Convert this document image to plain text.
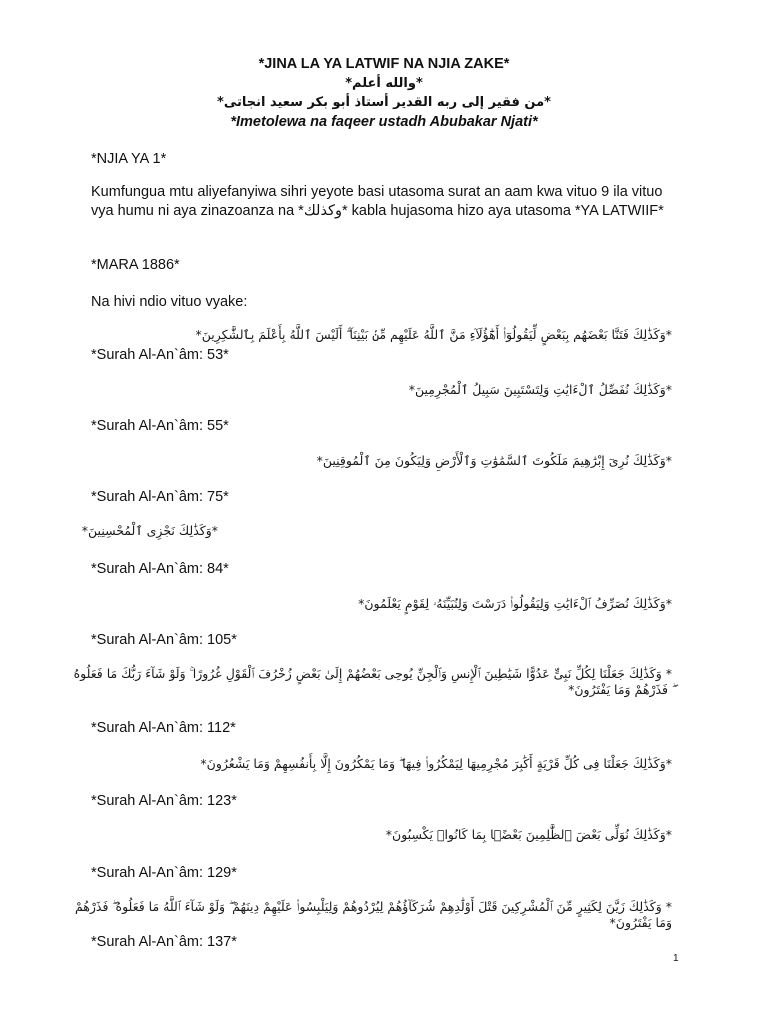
*JINA LA YA LATWIF NA NJIA ZAKE*
*والله أعلم*
*من فقير إلى ربه القدير أستاذ أبو بكر سعيد انجاتى*
*Imetolewa na faqeer ustadh Abubakar Njati*
*NJIA YA 1*
Kumfungua mtu aliyefanyiwa sihri yeyote basi utasoma surat an aam kwa vituo 9 ila vituo vya humu ni aya zinazoanza na *وكذلك* kabla hujasoma hizo aya utasoma *YA LATWIIF*
*MARA 1886*
Na hivi ndio vituo vyake:
*وَكَذَٰلِكَ فَتَنَّا بَعْضَهُم بِبَعْضٍ لِّيَقُولُوٓا۟ أَهَٰٓؤُلَآءِ مَنَّ ٱللَّهُ عَلَيْهِم مِّنۢ بَيْنِنَآ ۗ أَلَيْسَ ٱللَّهُ بِأَعْلَمَ بِٱلشَّٰكِرِينَ*
*Surah Al-An`âm: 53*
*وَكَذَٰلِكَ نُفَصِّلُ ٱلْءَايَٰتِ وَلِتَسْتَبِينَ سَبِيلُ ٱلْمُجْرِمِينَ*
*Surah Al-An`âm: 55*
*وَكَذَٰلِكَ نُرِىٓ إِبْرَٰهِيمَ مَلَكُوتَ ٱلسَّمَٰوَٰتِ وَٱلْأَرْضِ وَلِيَكُونَ مِنَ ٱلْمُوقِنِينَ*
*Surah Al-An`âm: 75*
*وَكَذَٰلِكَ نَجْزِى ٱلْمُحْسِنِينَ*
*Surah Al-An`âm: 84*
*وَكَذَٰلِكَ نُصَرِّفُ ٱلْءَايَٰتِ وَلِيَقُولُوا۟ دَرَسْتَ وَلِنُبَيِّنَهُۥ لِقَوْمٍ يَعْلَمُونَ*
*Surah Al-An`âm: 105*
* وَكَذَٰلِكَ جَعَلْنَا لِكُلِّ نَبِىٍّ عَدُوًّا شَيَٰطِينَ ٱلْإِنسِ وَٱلْجِنِّ يُوحِى بَعْضُهُمْ إِلَىٰ بَعْضٍ زُخْرُفَ ٱلْقَوْلِ غُرُورًا ۚ وَلَوْ شَآءَ رَبُّكَ مَا فَعَلُوهُ ۖ فَذَرْهُمْ وَمَا يَفْتَرُونَ*
*Surah Al-An`âm: 112*
*وَكَذَٰلِكَ جَعَلْنَا فِى كُلِّ قَرْيَةٍ أَكَٰبِرَ مُجْرِمِيهَا لِيَمْكُرُوا۟ فِيهَا ۖ وَمَا يَمْكُرُونَ إِلَّا بِأَنفُسِهِمْ وَمَا يَشْعُرُونَ*
*Surah Al-An`âm: 123*
*وَكَذَٰلِكَ نُوَلِّى بَعْضَ ٱلظَّٰلِمِينَ بَعْضًۢا بِمَا كَانُوا۟ يَكْسِبُونَ*
*Surah Al-An`âm: 129*
* وَكَذَٰلِكَ زَيَّنَ لِكَثِيرٍ مِّنَ ٱلْمُشْرِكِينَ قَتْلَ أَوْلَٰدِهِمْ شُرَكَآؤُهُمْ لِيُرْدُوهُمْ وَلِيَلْبِسُوا۟ عَلَيْهِمْ دِينَهُمْ ۖ وَلَوْ شَآءَ ٱللَّهُ مَا فَعَلُوهُ ۖ فَذَرْهُمْ وَمَا يَفْتَرُونَ*
*Surah Al-An`âm: 137*
1
